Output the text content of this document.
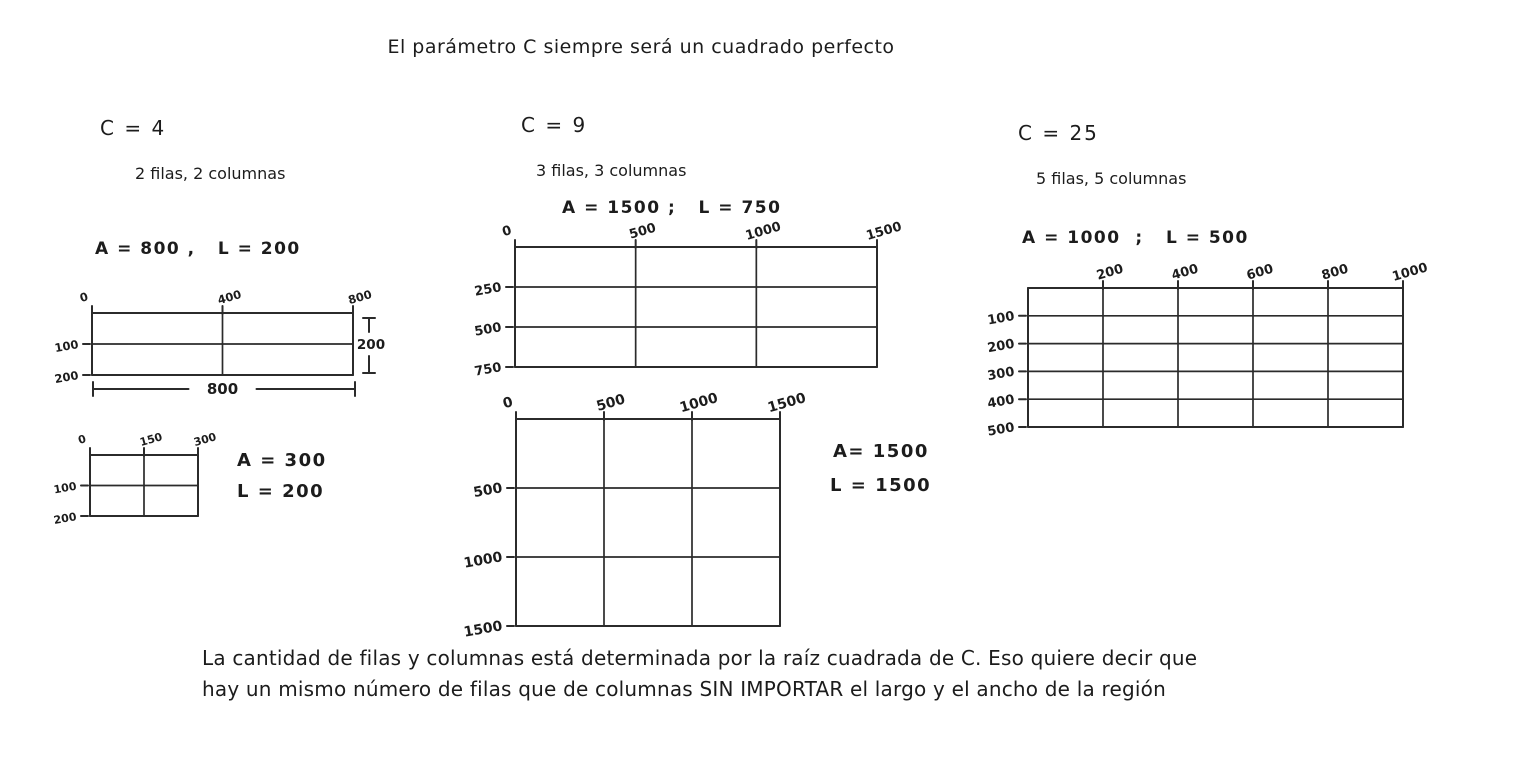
El parámetro C siempre será un cuadrado perfecto
C = 4
2 filas, 2 columnas
A = 800 ,   L = 200
C = 9
3 filas, 3 columnas
A = 1500 ;   L = 750
C = 25
5 filas, 5 columnas
A = 1000  ;   L = 500
0	400	800
100
200
200
800
0	150	300
100
200
0	500	1000	1500
250
500
750
0	500	1000	1500
500
1000
1500
200	400	600	800	1000
100
200
300
400
500
A = 300
L = 200
A= 1500
L = 1500
La cantidad de filas y columnas está determinada por la raíz cuadrada de C. Eso quiere decir que
hay un mismo número de filas que de columnas SIN IMPORTAR el largo y el ancho de la región
